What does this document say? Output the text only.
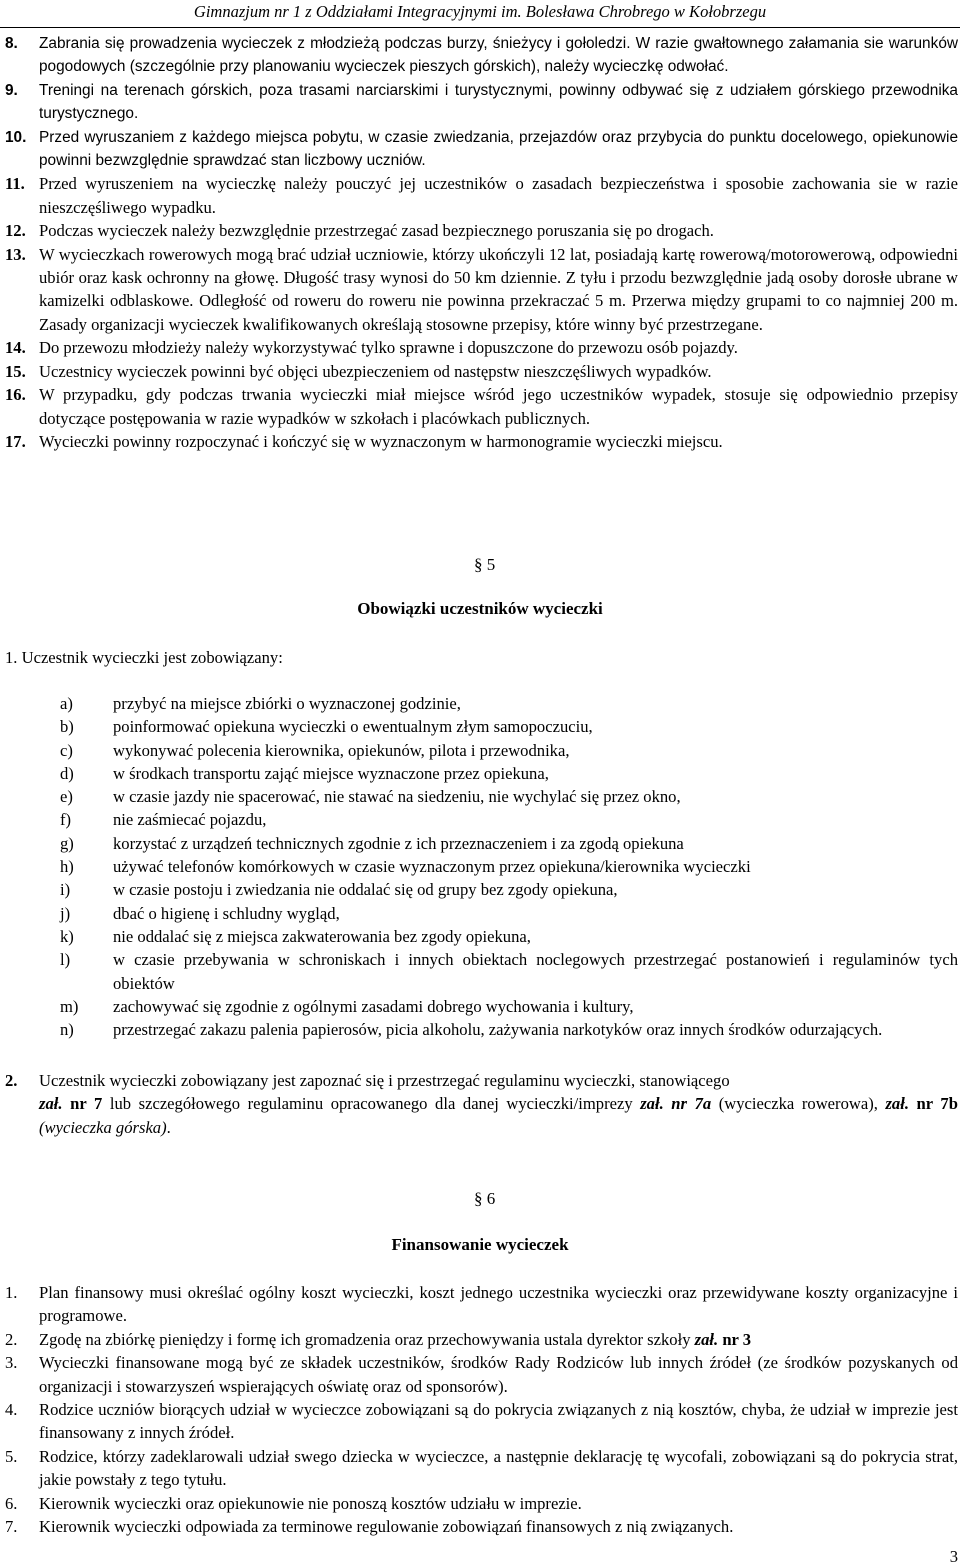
Gimnazjum nr 1 z Oddziałami Integracyjnymi im. Bolesława Chrobrego w Kołobrzegu
8. Zabrania się prowadzenia wycieczek z młodzieżą podczas burzy, śnieżycy i gołoledzi. W razie gwałtownego załamania sie warunków pogodowych (szczególnie przy planowaniu wycieczek pieszych górskich), należy wycieczkę odwołać.
9. Treningi na terenach górskich, poza trasami narciarskimi i turystycznymi, powinny odbywać się z udziałem górskiego przewodnika turystycznego.
10. Przed wyruszaniem z każdego miejsca pobytu, w czasie zwiedzania, przejazdów oraz przybycia do punktu docelowego, opiekunowie powinni bezwzględnie sprawdzać stan liczbowy uczniów.
11. Przed wyruszeniem na wycieczkę należy pouczyć jej uczestników o zasadach bezpieczeństwa i sposobie zachowania sie w razie nieszczęśliwego wypadku.
12. Podczas wycieczek należy bezwzględnie przestrzegać zasad bezpiecznego poruszania się po drogach.
13. W wycieczkach rowerowych mogą brać udział uczniowie, którzy ukończyli 12 lat, posiadają kartę rowerową/motorowerową, odpowiedni ubiór oraz kask ochronny na głowę. Długość trasy wynosi do 50 km dziennie. Z tyłu i przodu bezwzględnie jadą osoby dorosłe ubrane w kamizelki odblaskowe. Odległość od roweru do roweru nie powinna przekraczać 5 m. Przerwa między grupami to co najmniej 200 m. Zasady organizacji wycieczek kwalifikowanych określają stosowne przepisy, które winny być przestrzegane.
14. Do przewozu młodzieży należy wykorzystywać tylko sprawne i dopuszczone do przewozu osób pojazdy.
15. Uczestnicy wycieczek powinni być objęci ubezpieczeniem od następstw nieszczęśliwych wypadków.
16. W przypadku, gdy podczas trwania wycieczki miał miejsce wśród jego uczestników wypadek, stosuje się odpowiednio przepisy dotyczące postępowania w razie wypadków w szkołach i placówkach publicznych.
17. Wycieczki powinny rozpoczynać i kończyć się w wyznaczonym w harmonogramie wycieczki miejscu.
§ 5
Obowiązki uczestników wycieczki
1. Uczestnik wycieczki jest zobowiązany:
a) przybyć na miejsce zbiórki o wyznaczonej godzinie,
b) poinformować opiekuna wycieczki o ewentualnym złym samopoczuciu,
c) wykonywać polecenia kierownika, opiekunów, pilota i przewodnika,
d) w środkach transportu zająć miejsce wyznaczone przez opiekuna,
e) w czasie jazdy nie spacerować, nie stawać na siedzeniu, nie wychylać się przez okno,
f)	nie zaśmiecać pojazdu,
g) korzystać z urządzeń technicznych zgodnie z ich przeznaczeniem i za zgodą opiekuna
h) używać telefonów komórkowych w czasie wyznaczonym przez opiekuna/kierownika wycieczki
i)	w czasie postoju i zwiedzania nie oddalać się od grupy bez zgody opiekuna,
j)	dbać o higienę i schludny wygląd,
k) nie oddalać się z miejsca zakwaterowania bez zgody opiekuna,
l)	w czasie przebywania w schroniskach i innych obiektach noclegowych przestrzegać postanowień i regulaminów tych obiektów
m) zachowywać się zgodnie z ogólnymi zasadami dobrego wychowania i kultury,
n) przestrzegać zakazu palenia papierosów, picia alkoholu, zażywania narkotyków oraz innych środków odurzających.
2. Uczestnik wycieczki zobowiązany jest zapoznać się i przestrzegać regulaminu wycieczki, stanowiącego
zał. nr 7 lub szczegółowego regulaminu opracowanego dla danej wycieczki/imprezy zał. nr 7a (wycieczka rowerowa), zał. nr 7b (wycieczka górska).
§ 6
Finansowanie wycieczek
1. Plan finansowy musi określać ogólny koszt wycieczki, koszt jednego uczestnika wycieczki oraz przewidywane koszty organizacyjne i programowe.
2. Zgodę na zbiórkę pieniędzy i formę ich gromadzenia oraz przechowywania ustala dyrektor szkoły zał. nr 3
3. Wycieczki finansowane mogą być ze składek uczestników, środków Rady Rodziców lub innych źródeł (ze środków pozyskanych od organizacji i stowarzyszeń wspierających oświatę oraz od sponsorów).
4. Rodzice uczniów biorących udział w wycieczce zobowiązani są do pokrycia związanych z nią kosztów, chyba, że udział w imprezie jest finansowany z innych źródeł.
5. Rodzice, którzy zadeklarowali udział swego dziecka w wycieczce, a następnie deklarację tę wycofali, zobowiązani są do pokrycia strat, jakie powstały z tego tytułu.
6. Kierownik wycieczki oraz opiekunowie nie ponoszą kosztów udziału w imprezie.
7. Kierownik wycieczki odpowiada za terminowe regulowanie zobowiązań finansowych z nią związanych.
3
